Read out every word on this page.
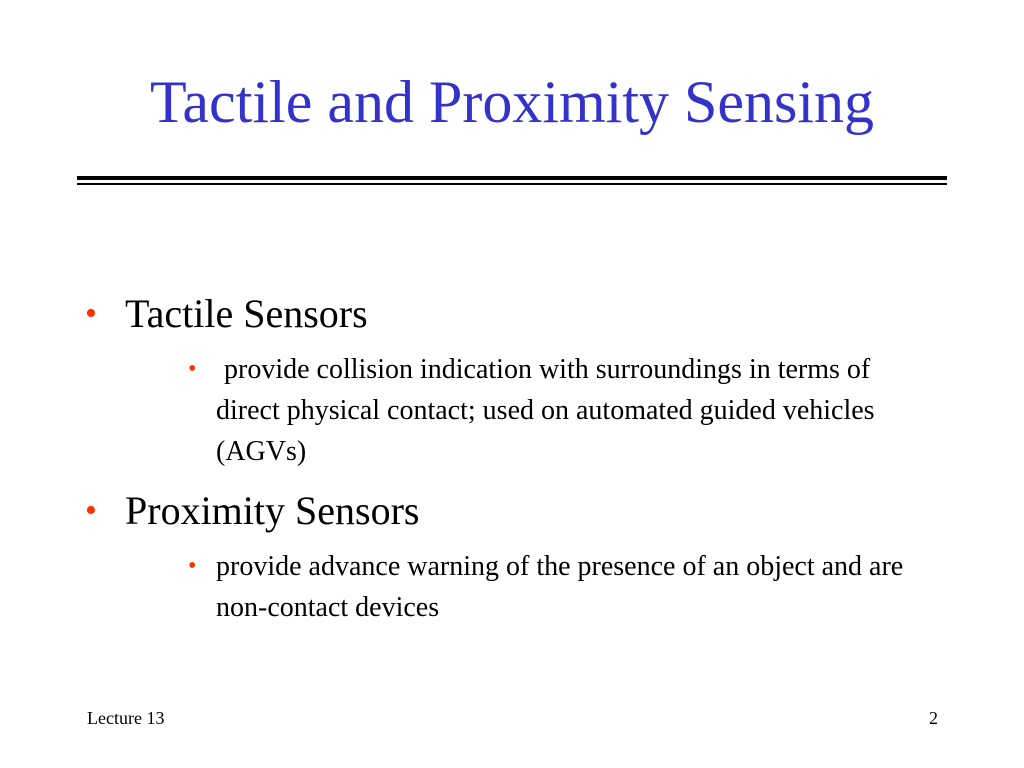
Tactile and Proximity Sensing
• Tactile Sensors
• provide collision indication with surroundings in terms of direct physical contact; used on automated guided vehicles (AGVs)
• Proximity Sensors
• provide advance warning of the presence of an object and are non-contact devices
Lecture 13	2
